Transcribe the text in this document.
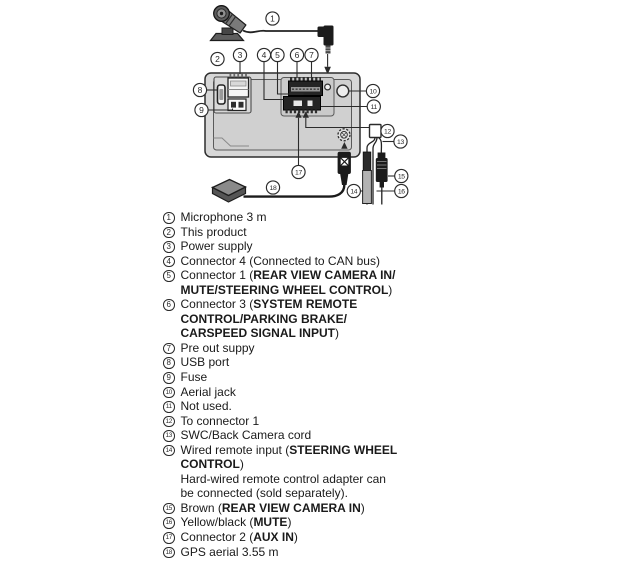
1
2 3 4 5 6 7
8
9
10
11
12
13
14
15
16
17
18
1 Microphone 3 m
2 This product
3 Power supply
4 Connector 4 (Connected to CAN bus)
5 Connector 1 (REAR VIEW CAMERA IN/
MUTE/STEERING WHEEL CONTROL)
6 Connector 3 (SYSTEM REMOTE
CONTROL/PARKING BRAKE/
CARSPEED SIGNAL INPUT)
7 Pre out suppy
8 USB port
9 Fuse
10 Aerial jack
11 Not used.
12 To connector 1
13 SWC/Back Camera cord
14 Wired remote input (STEERING WHEEL
CONTROL)
Hard-wired remote control adapter can
be connected (sold separately).
15 Brown (REAR VIEW CAMERA IN)
16 Yellow/black (MUTE)
17 Connector 2 (AUX IN)
18 GPS aerial 3.55 m
